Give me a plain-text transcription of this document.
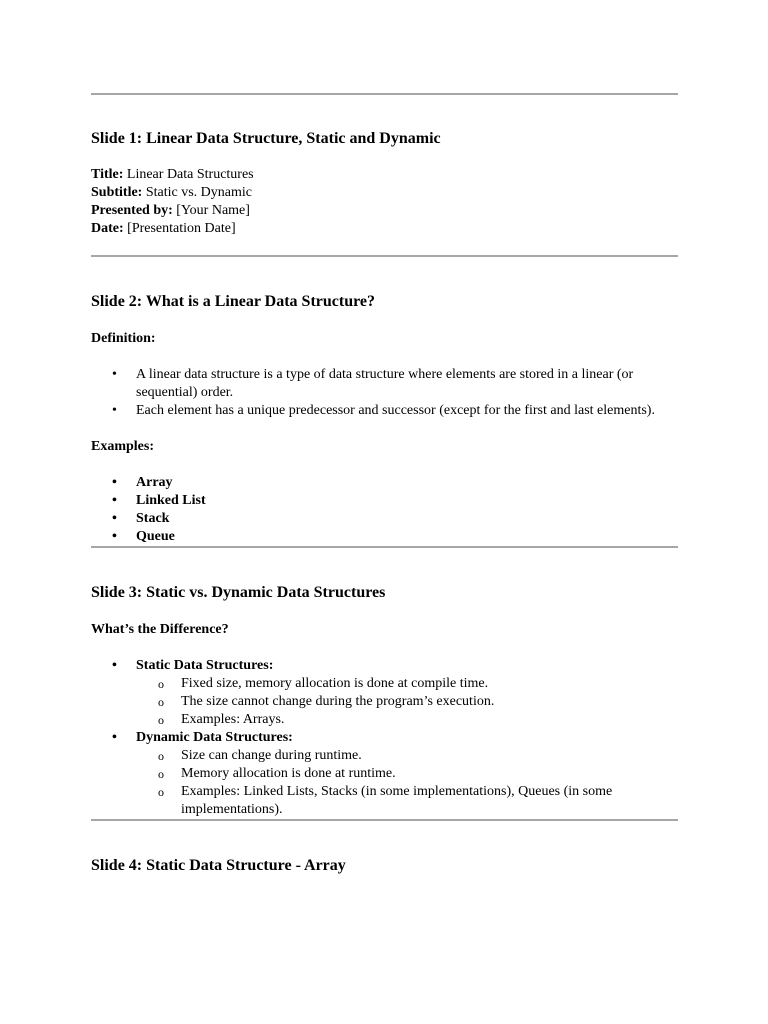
Slide 1: Linear Data Structure, Static and Dynamic
Title: Linear Data Structures
Subtitle: Static vs. Dynamic
Presented by: [Your Name]
Date: [Presentation Date]
Slide 2: What is a Linear Data Structure?

Definition:

• A linear data structure is a type of data structure where elements are stored in a linear (or sequential) order.
• Each element has a unique predecessor and successor (except for the first and last elements).

Examples:

• Array
• Linked List
• Stack
• Queue
Slide 3: Static vs. Dynamic Data Structures

What’s the Difference?

• Static Data Structures:
o Fixed size, memory allocation is done at compile time.
o The size cannot change during the program’s execution.
o Examples: Arrays.
• Dynamic Data Structures:
o Size can change during runtime.
o Memory allocation is done at runtime.
o Examples: Linked Lists, Stacks (in some implementations), Queues (in some implementations).
Slide 4: Static Data Structure - Array
